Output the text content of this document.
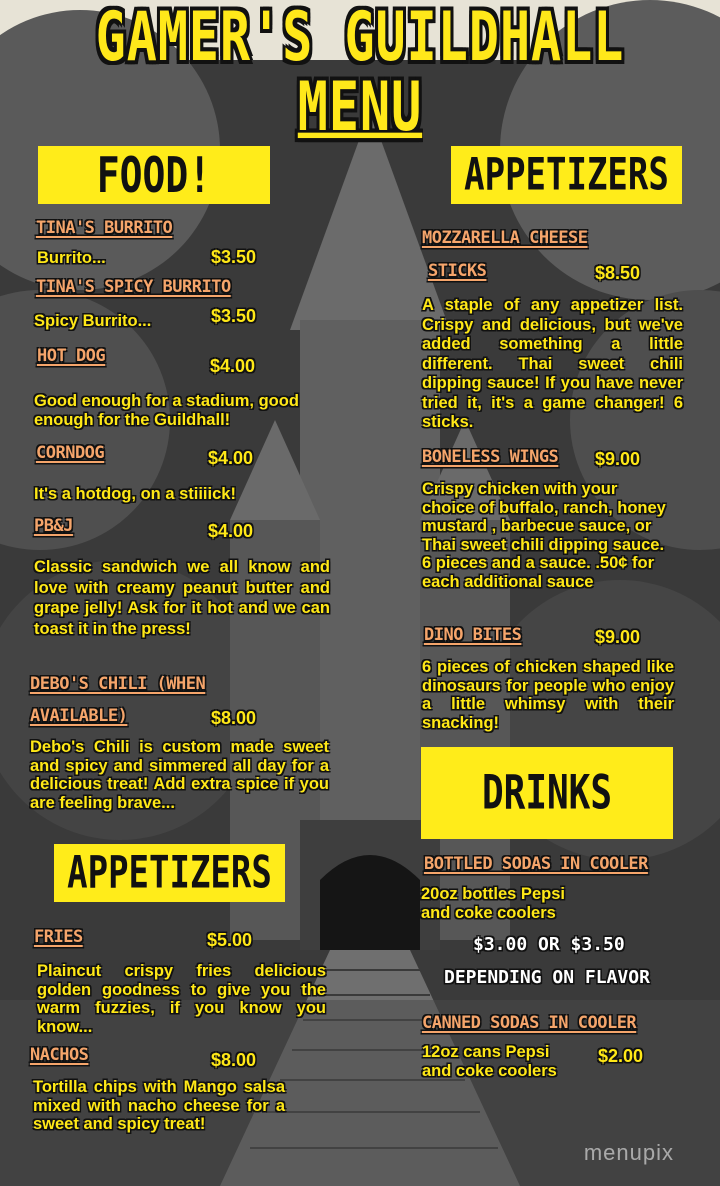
GAMER'S GUILDHALL
MENU
FOOD!	APPETIZERS
APPETIZERS
DRINKS
TINA'S BURRITO
Burrito...	$3.50
TINA'S SPICY BURRITO
Spicy Burrito...	$3.50
HOT DOG	$4.00
Good enough for a stadium, good enough for the Guildhall!
CORNDOG	$4.00
It's a hotdog, on a stiiiick!
PB&J	$4.00
Classic sandwich we all know and love with creamy peanut butter and grape jelly! Ask for it hot and we can toast it in the press!
DEBO'S CHILI (WHEN
AVAILABLE)	$8.00
Debo's Chili is custom made sweet and spicy and simmered all day for a delicious treat! Add extra spice if you are feeling brave...
FRIES	$5.00
Plaincut crispy fries delicious golden goodness to give you the warm fuzzies, if you know you know...
NACHOS	$8.00
Tortilla chips with Mango salsa mixed with nacho cheese for a sweet and spicy treat!
MOZZARELLA CHEESE
STICKS	$8.50
A staple of any appetizer list. Crispy and delicious, but we've added something a little different. Thai sweet chili dipping sauce! If you have never tried it, it's a game changer! 6 sticks.
BONELESS WINGS $9.00
Crispy chicken with your choice of buffalo, ranch, honey mustard , barbecue sauce, or Thai sweet chili dipping sauce. 6 pieces and a sauce. .50¢ for each additional sauce
DINO BITES	$9.00
6 pieces of chicken shaped like dinosaurs for people who enjoy a little whimsy with their snacking!
BOTTLED SODAS IN COOLER
20oz bottles Pepsi
and coke coolers
$3.00 OR $3.50
DEPENDING ON FLAVOR
CANNED SODAS IN COOLER
12oz cans Pepsi
and coke coolers
$2.00
menupix
